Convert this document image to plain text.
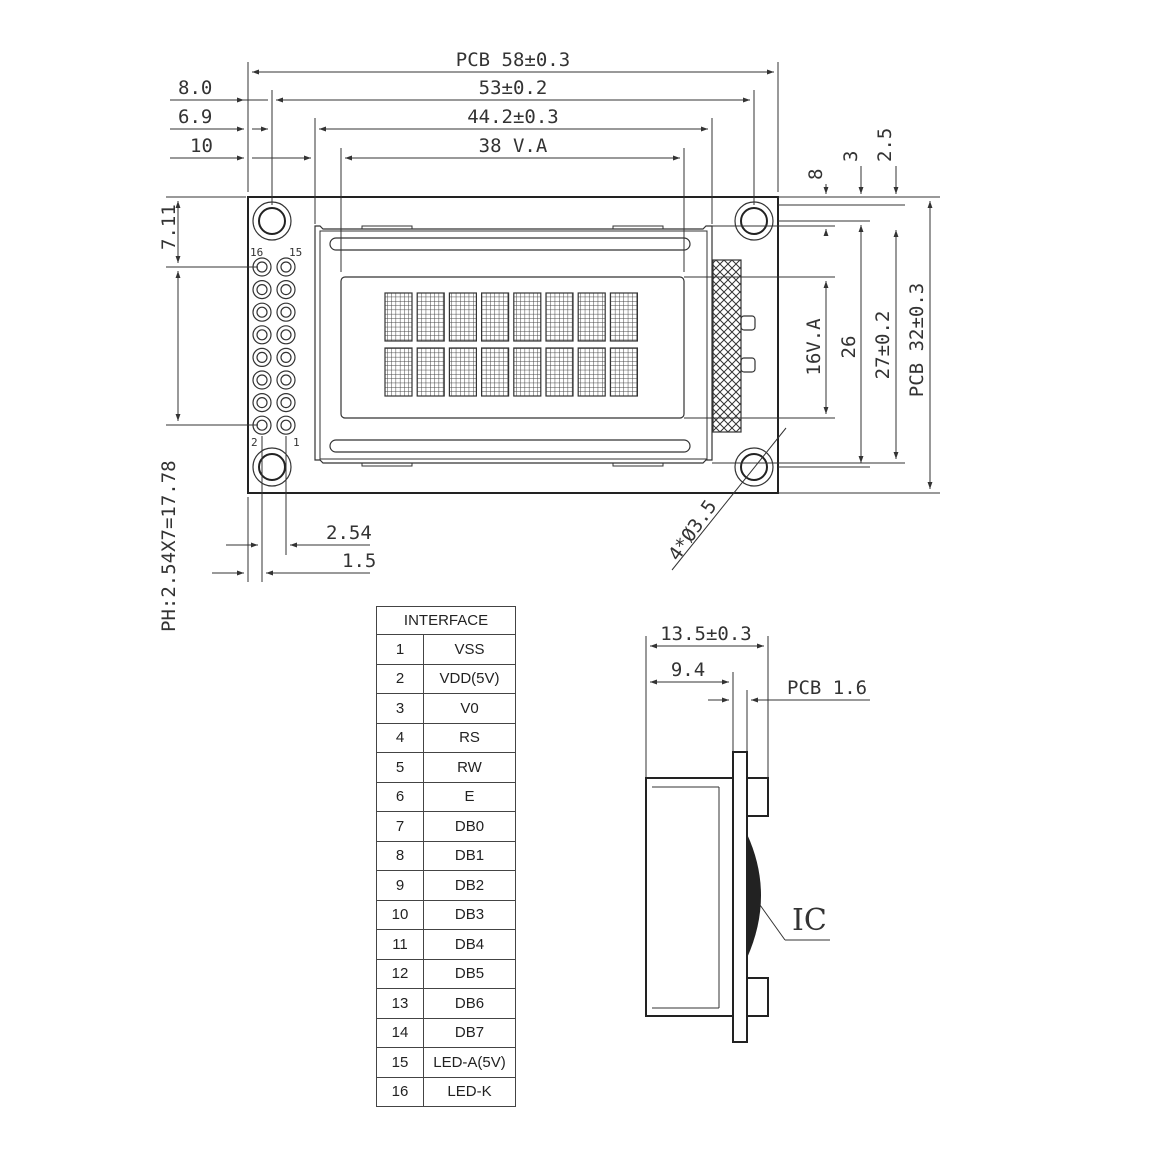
16 15
2	1
PCB 58±0.3
53±0.2
44.2±0.3
38 V.A
8.0
6.9
10
8
3 2.5
16V.A 26 27±0.2 PCB 32±0.3
7.11
PH:2.54X7=17.78	2.54
1.5	4*Ø3.5
13.5±0.3
9.4
PCB 1.6
IC
INTERFACE	
1	VSS
2	VDD(5V)
3	V0
4	RS
5	RW
6	E
7	DB0
8	DB1
9	DB2
10	DB3
11	DB4
12	DB5
13	DB6
14	DB7
15	LED-A(5V)
16	LED-K
